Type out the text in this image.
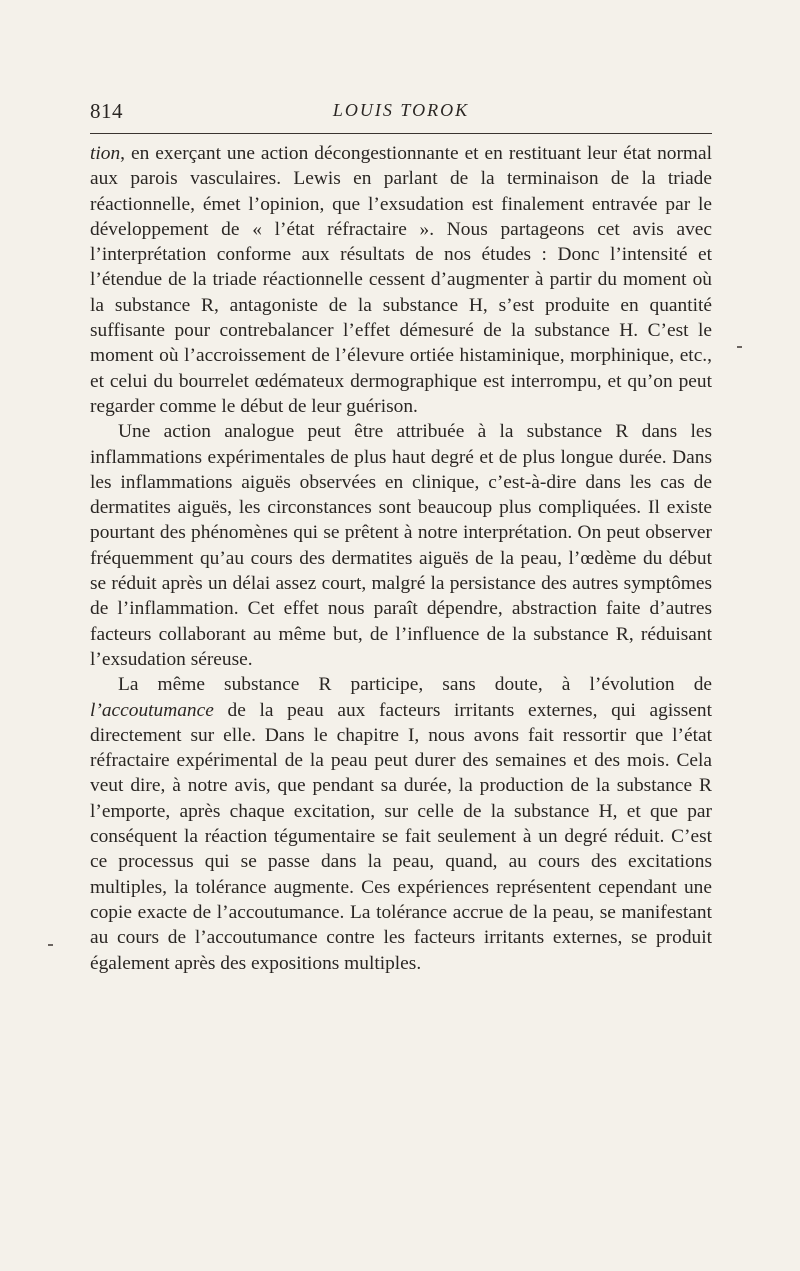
814	LOUIS TOROK

tion, en exerçant une action décongestionnante et en restituant leur état normal aux parois vasculaires. Lewis en parlant de la terminaison de la triade réactionnelle, émet l’opinion, que l’exsudation est finalement entravée par le développement de « l’état réfractaire ». Nous partageons cet avis avec l’interprétation conforme aux résultats de nos études : Donc l’intensité et l’étendue de la triade réactionnelle cessent d’augmenter à partir du moment où la substance R, antagoniste de la substance H, s’est produite en quantité suffisante pour contrebalancer l’effet démesuré de la substance H. C’est le moment où l’accroissement de l’élevure ortiée histaminique, morphinique, etc., et celui du bourrelet œdémateux dermographique est interrompu, et qu’on peut regarder comme le début de leur guérison.

Une action analogue peut être attribuée à la substance R dans les inflammations expérimentales de plus haut degré et de plus longue durée. Dans les inflammations aiguës observées en clinique, c’est-à-dire dans les cas de dermatites aiguës, les circonstances sont beaucoup plus compliquées. Il existe pourtant des phénomènes qui se prêtent à notre interprétation. On peut observer fréquemment qu’au cours des dermatites aiguës de la peau, l’œdème du début se réduit après un délai assez court, malgré la persistance des autres symptômes de l’inflammation. Cet effet nous paraît dépendre, abstraction faite d’autres facteurs collaborant au même but, de l’influence de la substance R, réduisant l’exsudation séreuse.

La même substance R participe, sans doute, à l’évolution de l’accoutumance de la peau aux facteurs irritants externes, qui agissent directement sur elle. Dans le chapitre I, nous avons fait ressortir que l’état réfractaire expérimental de la peau peut durer des semaines et des mois. Cela veut dire, à notre avis, que pendant sa durée, la production de la substance R l’emporte, après chaque excitation, sur celle de la substance H, et que par conséquent la réaction tégumentaire se fait seulement à un degré réduit. C’est ce processus qui se passe dans la peau, quand, au cours des excitations multiples, la tolérance augmente. Ces expériences représentent cependant une copie exacte de l’accoutumance. La tolérance accrue de la peau, se manifestant au cours de l’accoutumance contre les facteurs irritants externes, se produit également après des expositions multiples.
